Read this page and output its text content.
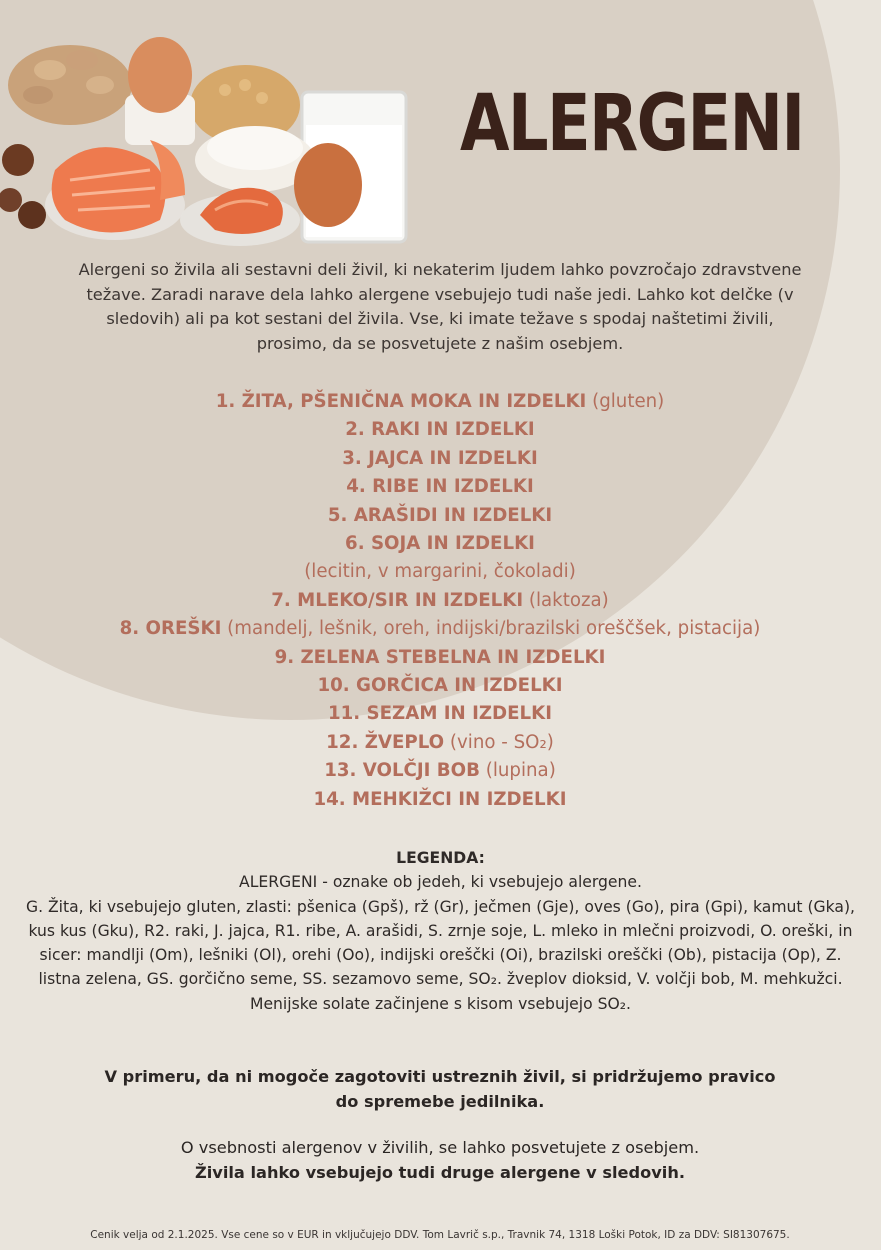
ALERGENI

Alergeni so živila ali sestavni deli živil, ki nekaterim ljudem lahko povzročajo zdravstvene težave. Zaradi narave dela lahko alergene vsebujejo tudi naše jedi. Lahko kot delčke (v sledovih) ali pa kot sestani del živila. Vse, ki imate težave s spodaj naštetimi živili, prosimo, da se posvetujete z našim osebjem.

1. ŽITA, PŠENIČNA MOKA IN IZDELKI (gluten)
2. RAKI IN IZDELKI
3. JAJCA IN IZDELKI
4. RIBE IN IZDELKI
5. ARAŠIDI IN IZDELKI
6. SOJA IN IZDELKI
(lecitin, v margarini, čokoladi)
7. MLEKO/SIR IN IZDELKI (laktoza)
8. OREŠKI (mandelj, lešnik, oreh, indijski/brazilski oreščšek, pistacija)
9. ZELENA STEBELNA IN IZDELKI
10. GORČICA IN IZDELKI
11. SEZAM IN IZDELKI
12. ŽVEPLO (vino - SO₂)
13. VOLČJI BOB (lupina)
14. MEHKIŽCI IN IZDELKI
LEGENDA:

ALERGENI - oznake ob jedeh, ki vsebujejo alergene.

G. Žita, ki vsebujejo gluten, zlasti: pšenica (Gpš), rž (Gr), ječmen (Gje), oves (Go), pira (Gpi), kamut (Gka), kus kus (Gku), R2. raki, J. jajca, R1. ribe, A. arašidi, S. zrnje soje, L. mleko in mlečni proizvodi, O. oreški, in sicer: mandlji (Om), lešniki (Ol), orehi (Oo), indijski oreščki (Oi), brazilski oreščki (Ob), pistacija (Op), Z. listna zelena, GS. gorčično seme, SS. sezamovo seme, SO₂. žveplov dioksid, V. volčji bob, M. mehkužci.

Menijske solate začinjene s kisom vsebujejo SO₂.

V primeru, da ni mogoče zagotoviti ustreznih živil, si pridržujemo pravico
do spremebe jedilnika.
O vsebnosti alergenov v živilih, se lahko posvetujete z osebjem.
Živila lahko vsebujejo tudi druge alergene v sledovih.
Cenik velja od 2.1.2025. Vse cene so v EUR in vključujejo DDV. Tom Lavrič s.p., Travnik 74, 1318 Loški Potok, ID za DDV: SI81307675.
